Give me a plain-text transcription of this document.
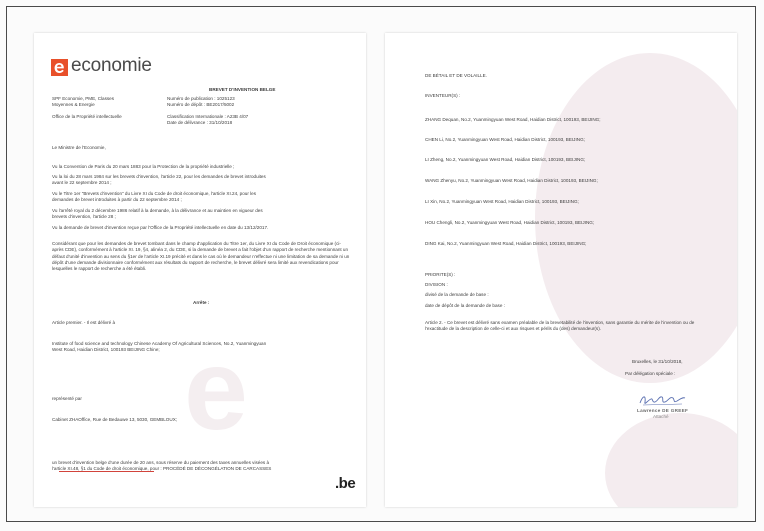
e
economie
BREVET D'INVENTION BELGE
SPF Economie, PME, Classes
Moyennes & Energie
Numéro de publication : 1025123
Numéro de dépôt : BE2017/5002
Office de la Propriété intellectuelle	Classification Internationale : A23B 4/07
Date de délivrance : 31/10/2018
Le Ministre de l'Economie,
Vu la Convention de Paris du 20 mars 1883 pour la Protection de la propriété industrielle ;
Vu la loi du 28 mars 1984 sur les brevets d'invention, l'article 22, pour les demandes de brevet introduites
avant le 22 septembre 2014 ;
Vu le Titre 1er "Brevets d'invention" du Livre XI du Code de droit économique, l'article XI.24, pour les
demandes de brevet introduites à partir du 22 septembre 2014 ;
Vu l'arrêté royal du 2 décembre 1986 relatif à la demande, à la délivrance et au maintien en vigueur des
brevets d'invention, l'article 28 ;
Vu la demande de brevet d'invention reçue par l'Office de la Propriété intellectuelle en date du 13/12/2017.
Considérant que pour les demandes de brevet tombant dans le champ d'application du Titre 1er, du Livre XI du Code de Droit économique (ci-après CDE), conformément à l'article XI. 19, §4, alinéa 2, du CDE, si la demande de brevet a fait l'objet d'un rapport de recherche mentionnant un défaut d'unité d'invention au sens du §1er de l'article XI.19 précité et dans le cas où le demandeur n'effectue ni une limitation de sa demande ni un dépôt d'une demande divisionnaire conformément aux résultats du rapport de recherche, le brevet délivré sera limité aux revendications pour lesquelles le rapport de recherche a été établi.
Arrête :
Article premier. - Il est délivré à
Institute of food science and technology Chinese Academy Of Agricultural Sciences, No.2, Yuanmingyuan
West Road, Haidian District, 100193 BEIJING Chine;
représenté par
Cabinet ZHAOffice, Rue de Bedauwe 13, 5030, GEMBLOUX;
un brevet d'invention belge d'une durée de 20 ans, sous réserve du paiement des taxes annuelles visées à
l'article XI.48, §1 du Code de droit économique, pour : PROCÉDÉ DE DÉCONGÉLATION DE CARCASSES
.be
DE BÉTAIL ET DE VOLAILLE.
INVENTEUR(S) :
ZHANG Dequan, No.2, Yuanmingyuan West Road, Haidian District, 100193, BEIJING;
CHEN Li, No.2, Yuanmingyuan West Road, Haidian District, 100193, BEIJING;
LI Zheng, No.2, Yuanmingyuan West Road, Haidian District, 100193, BEIJING;
WANG Zhenyu, No.2, Yuanmingyuan West Road, Haidian District, 100193, BEIJING;
LI Xin, No.2, Yuanmingyuan West Road, Haidian District, 100193, BEIJING;
HOU Chengli, No.2, Yuanmingyuan West Road, Haidian District, 100193, BEIJING;
DING Kai, No.2, Yuanmingyuan West Road, Haidian District, 100193, BEIJING;
PRIORITE(S) :
DIVISION :
divisé de la demande de base :
date de dépôt de la demande de base :
Article 2. - Ce brevet est délivré sans examen préalable de la brevetabilité de l'invention, sans garantie du mérite de l'invention ou de l'exactitude de la description de celle-ci et aux risques et périls du (des) demandeur(s).
Bruxelles, le 31/10/2018,
Par délégation spéciale :
Lawrence DE GREEF
Attaché
